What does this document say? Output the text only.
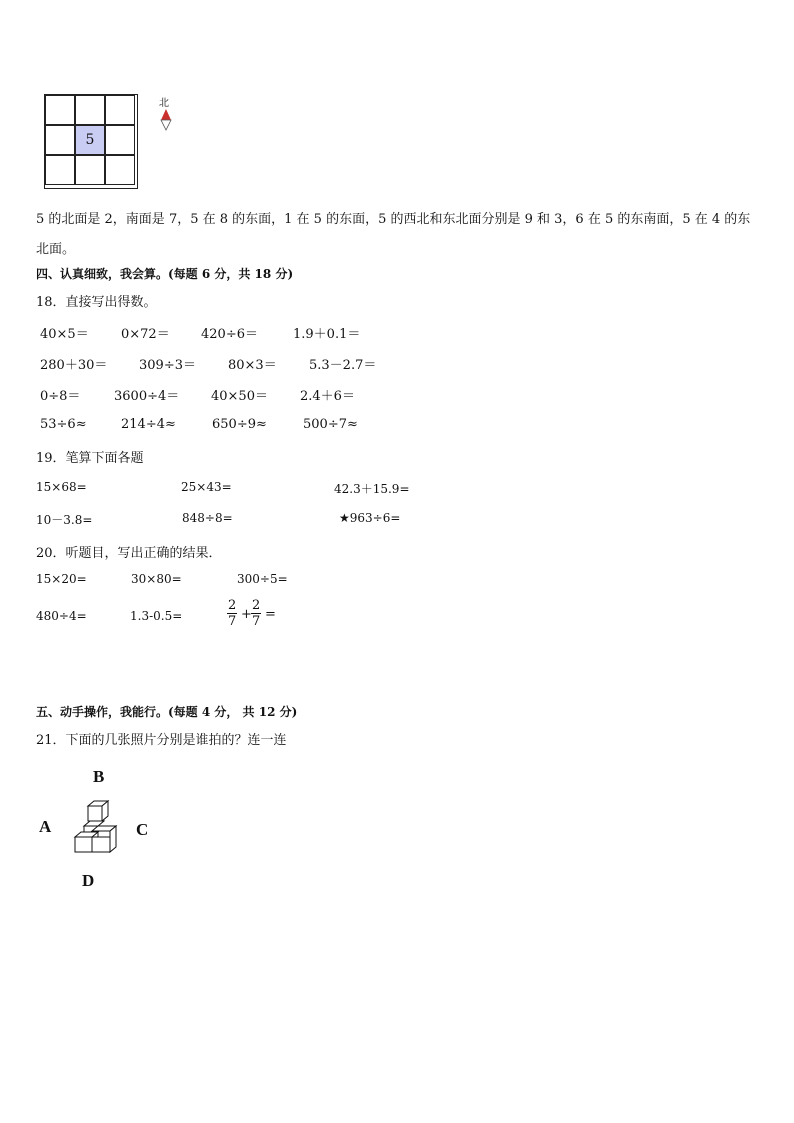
5
北
5 的北面是 2，南面是 7，5 在 8 的东面，1 在 5 的东面，5 的西北和东北面分别是 9 和 3，6 在 5 的东南面，5 在 4 的东
北面。
四、认真细致，我会算。(每题 6 分，共 18 分)
18．直接写出得数。
40×5＝ 0×72＝ 420÷6＝	1.9＋0.1＝
280＋30＝ 309÷3＝ 80×3＝ 5.3－2.7＝
0÷8＝	3600÷4＝ 40×50＝ 2.4＋6＝
53÷6≈	214÷4≈	650÷9≈	500÷7≈
19．笔算下面各题
15×68=	25×43=	42.3＋15.9=
10－3.8=	848÷8=	★963÷6=
20．听题目，写出正确的结果．
15×20=	30×80=	300÷5=
480÷4=	1.3-0.5=	$\frac{2}{7} + \frac{2}{7}$ =
五、动手操作，我能行。(每题 4 分， 共 12 分)
21．下面的几张照片分别是谁拍的？连一连
B
A	C
D
